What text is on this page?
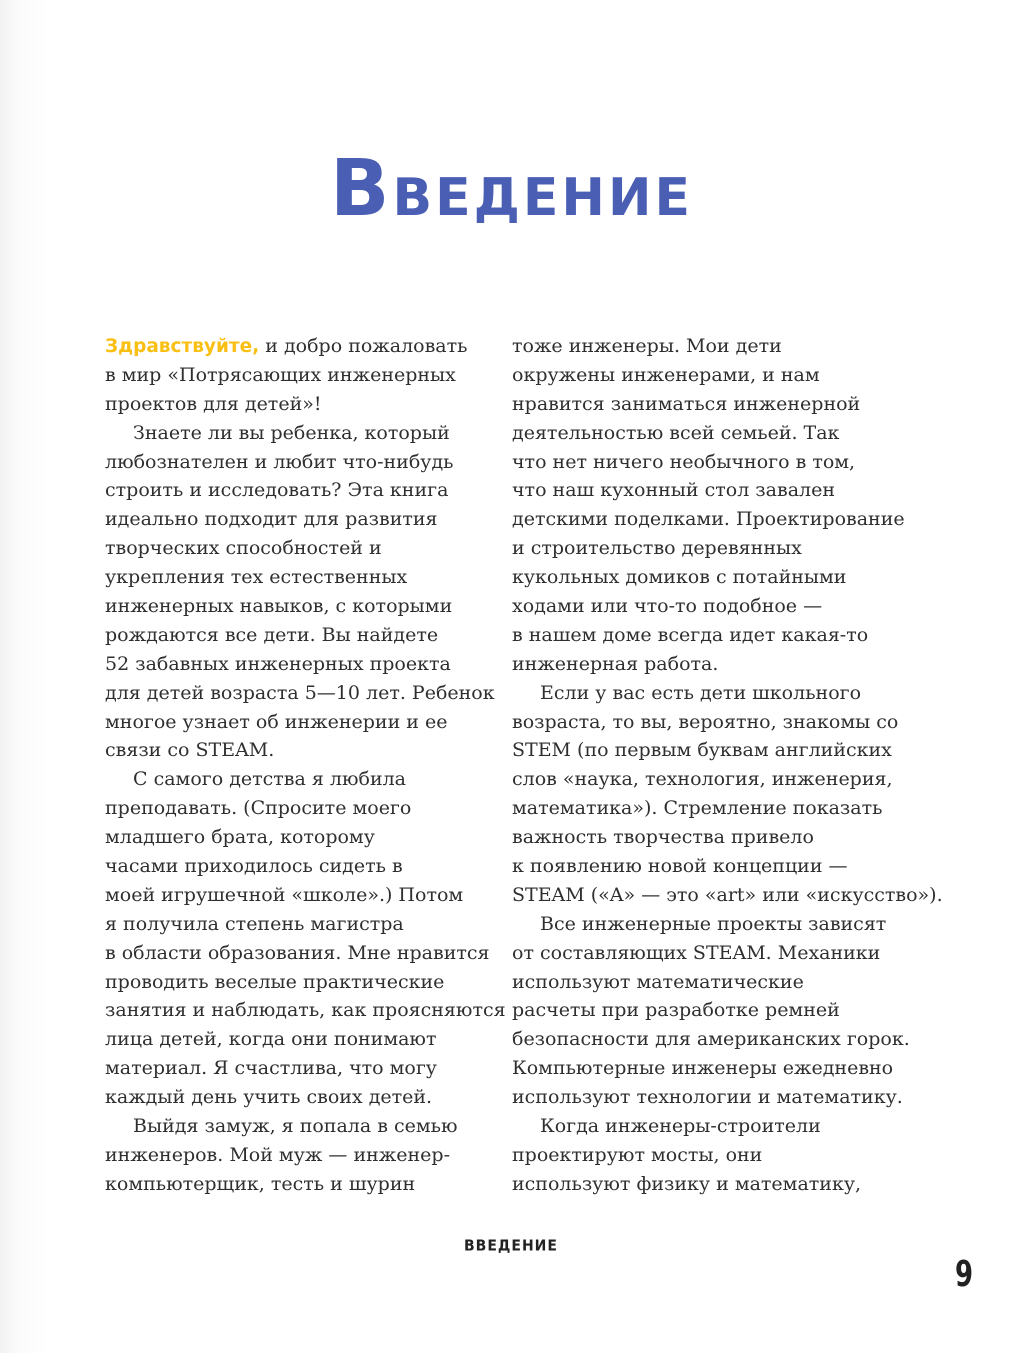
ВВЕДЕНИЕ
Здравствуйте, и добро пожаловать
в мир «Потрясающих инженерных
проектов для детей»!
Знаете ли вы ребенка, который
любознателен и любит что-нибудь
строить и исследовать? Эта книга
идеально подходит для развития
творческих способностей и
укрепления тех естественных
инженерных навыков, с которыми
рождаются все дети. Вы найдете
52 забавных инженерных проекта
для детей возраста 5—10 лет. Ребенок
многое узнает об инженерии и ее
связи со STEAM.
С самого детства я любила
преподавать. (Спросите моего
младшего брата, которому
часами приходилось сидеть в
моей игрушечной «школе».) Потом
я получила степень магистра
в области образования. Мне нравится
проводить веселые практические
занятия и наблюдать, как проясняются
лица детей, когда они понимают
материал. Я счастлива, что могу
каждый день учить своих детей.
Выйдя замуж, я попала в семью
инженеров. Мой муж — инженер-
компьютерщик, тесть и шурин
тоже инженеры. Мои дети
окружены инженерами, и нам
нравится заниматься инженерной
деятельностью всей семьей. Так
что нет ничего необычного в том,
что наш кухонный стол завален
детскими поделками. Проектирование
и строительство деревянных
кукольных домиков с потайными
ходами или что-то подобное —
в нашем доме всегда идет какая-то
инженерная работа.
Если у вас есть дети школьного
возраста, то вы, вероятно, знакомы со
STEM (по первым буквам английских
слов «наука, технология, инженерия,
математика»). Стремление показать
важность творчества привело
к появлению новой концепции —
STEAM («A» — это «art» или «искусство»).
Все инженерные проекты зависят
от составляющих STEAM. Механики
используют математические
расчеты при разработке ремней
безопасности для американских горок.
Компьютерные инженеры ежедневно
используют технологии и математику.
Когда инженеры-строители
проектируют мосты, они
используют физику и математику,
ВВЕДЕНИЕ
9
